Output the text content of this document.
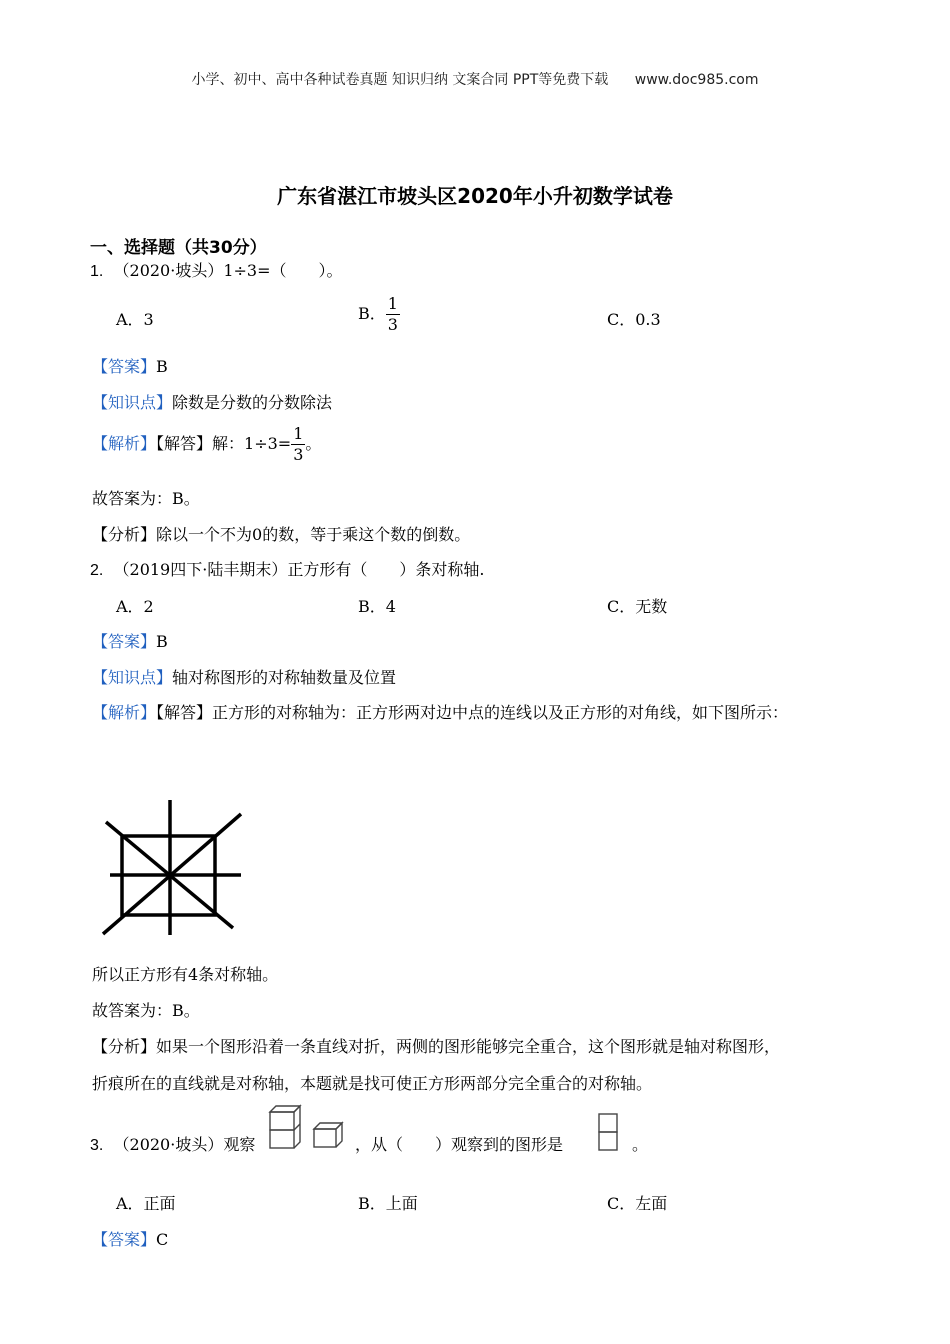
小学、初中、高中各种试卷真题 知识归纳 文案合同 PPT等免费下载 www.doc985.com
广东省湛江市坡头区2020年小升初数学试卷
一、选择题（共30分）
1. （2020·坡头）1÷3=（　　）。
A．3	B． $\frac{1}{3}$	C．0.3
【答案】B
【知识点】除数是分数的分数除法
【解析】【解答】解：$1\div 3= \frac{1}{3}$ 。
故答案为：B。
【分析】除以一个不为0的数，等于乘这个数的倒数。
2. （2019四下·陆丰期末）正方形有（　　）条对称轴.
A．2	B．4	C．无数
【答案】B
【知识点】轴对称图形的对称轴数量及位置
【解析】【解答】正方形的对称轴为：正方形两对边中点的连线以及正方形的对角线，如下图所示：
所以正方形有4条对称轴。
故答案为：B。
【分析】如果一个图形沿着一条直线对折，两侧的图形能够完全重合，这个图形就是轴对称图形，
折痕所在的直线就是对称轴，本题就是找可使正方形两部分完全重合的对称轴。
3. （2020·坡头）观察	，从（　　）观察到的图形是	。
A．正面	B．上面	C．左面
【答案】C
